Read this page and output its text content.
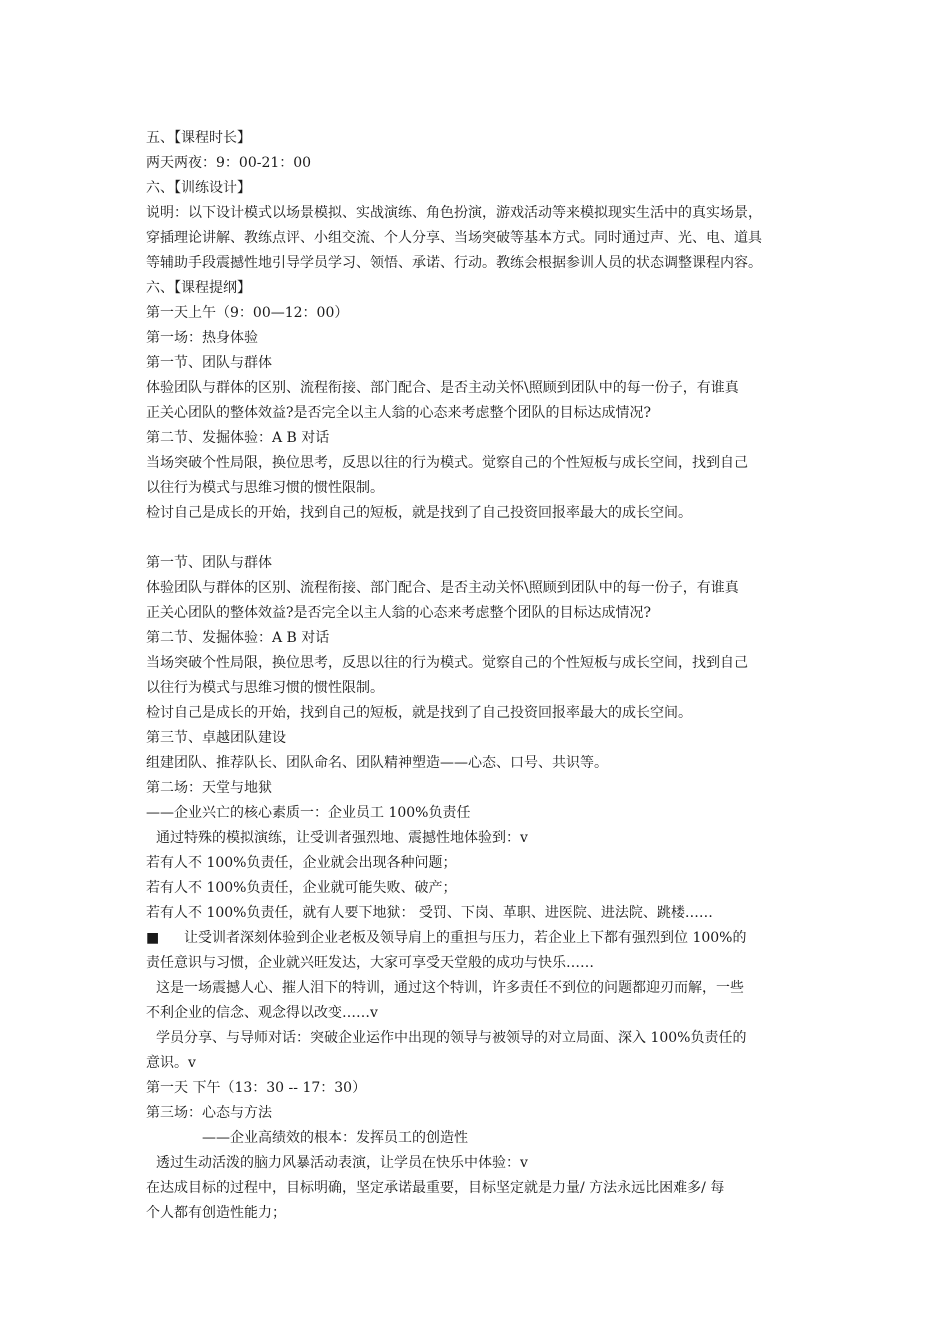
五、【课程时长】
两天两夜：9：00-21：00
六、【训练设计】
说明：以下设计模式以场景模拟、实战演练、角色扮演，游戏活动等来模拟现实生活中的真实场景，
穿插理论讲解、教练点评、小组交流、个人分享、当场突破等基本方式。同时通过声、光、电、道具
等辅助手段震撼性地引导学员学习、领悟、承诺、行动。教练会根据参训人员的状态调整课程内容。
六、【课程提纲】
第一天上午（9：00—12：00）
第一场：热身体验
第一节、团队与群体
体验团队与群体的区别、流程衔接、部门配合、是否主动关怀\照顾到团队中的每一份子，有谁真
正关心团队的整体效益?是否完全以主人翁的心态来考虑整个团队的目标达成情况?
第二节、发掘体验：A B 对话
当场突破个性局限，换位思考，反思以往的行为模式。觉察自己的个性短板与成长空间，找到自己
以往行为模式与思维习惯的惯性限制。
检讨自己是成长的开始，找到自己的短板，就是找到了自己投资回报率最大的成长空间。
第一节、团队与群体
体验团队与群体的区别、流程衔接、部门配合、是否主动关怀\照顾到团队中的每一份子，有谁真
正关心团队的整体效益?是否完全以主人翁的心态来考虑整个团队的目标达成情况?
第二节、发掘体验：A B 对话
当场突破个性局限，换位思考，反思以往的行为模式。觉察自己的个性短板与成长空间，找到自己
以往行为模式与思维习惯的惯性限制。
检讨自己是成长的开始，找到自己的短板，就是找到了自己投资回报率最大的成长空间。
第三节、卓越团队建设
组建团队、推荐队长、团队命名、团队精神塑造——心态、口号、共识等。
第二场：天堂与地狱
——企业兴亡的核心素质一：企业员工 100%负责任
通过特殊的模拟演练，让受训者强烈地、震撼性地体验到：v
若有人不 100%负责任，企业就会出现各种问题；
若有人不 100%负责任，企业就可能失败、破产；
若有人不 100%负责任，就有人要下地狱： 受罚、下岗、革职、进医院、进法院、跳楼……
■ 让受训者深刻体验到企业老板及领导肩上的重担与压力，若企业上下都有强烈到位 100%的
责任意识与习惯，企业就兴旺发达，大家可享受天堂般的成功与快乐……
这是一场震撼人心、摧人泪下的特训，通过这个特训，许多责任不到位的问题都迎刃而解，一些
不利企业的信念、观念得以改变……v
学员分享、与导师对话：突破企业运作中出现的领导与被领导的对立局面、深入 100%负责任的
意识。v
第一天 下午（13：30 -- 17：30）
第三场：心态与方法
——企业高绩效的根本：发挥员工的创造性
透过生动活泼的脑力风暴活动表演，让学员在快乐中体验：v
在达成目标的过程中，目标明确，坚定承诺最重要，目标坚定就是力量/ 方法永远比困难多/ 每
个人都有创造性能力；
